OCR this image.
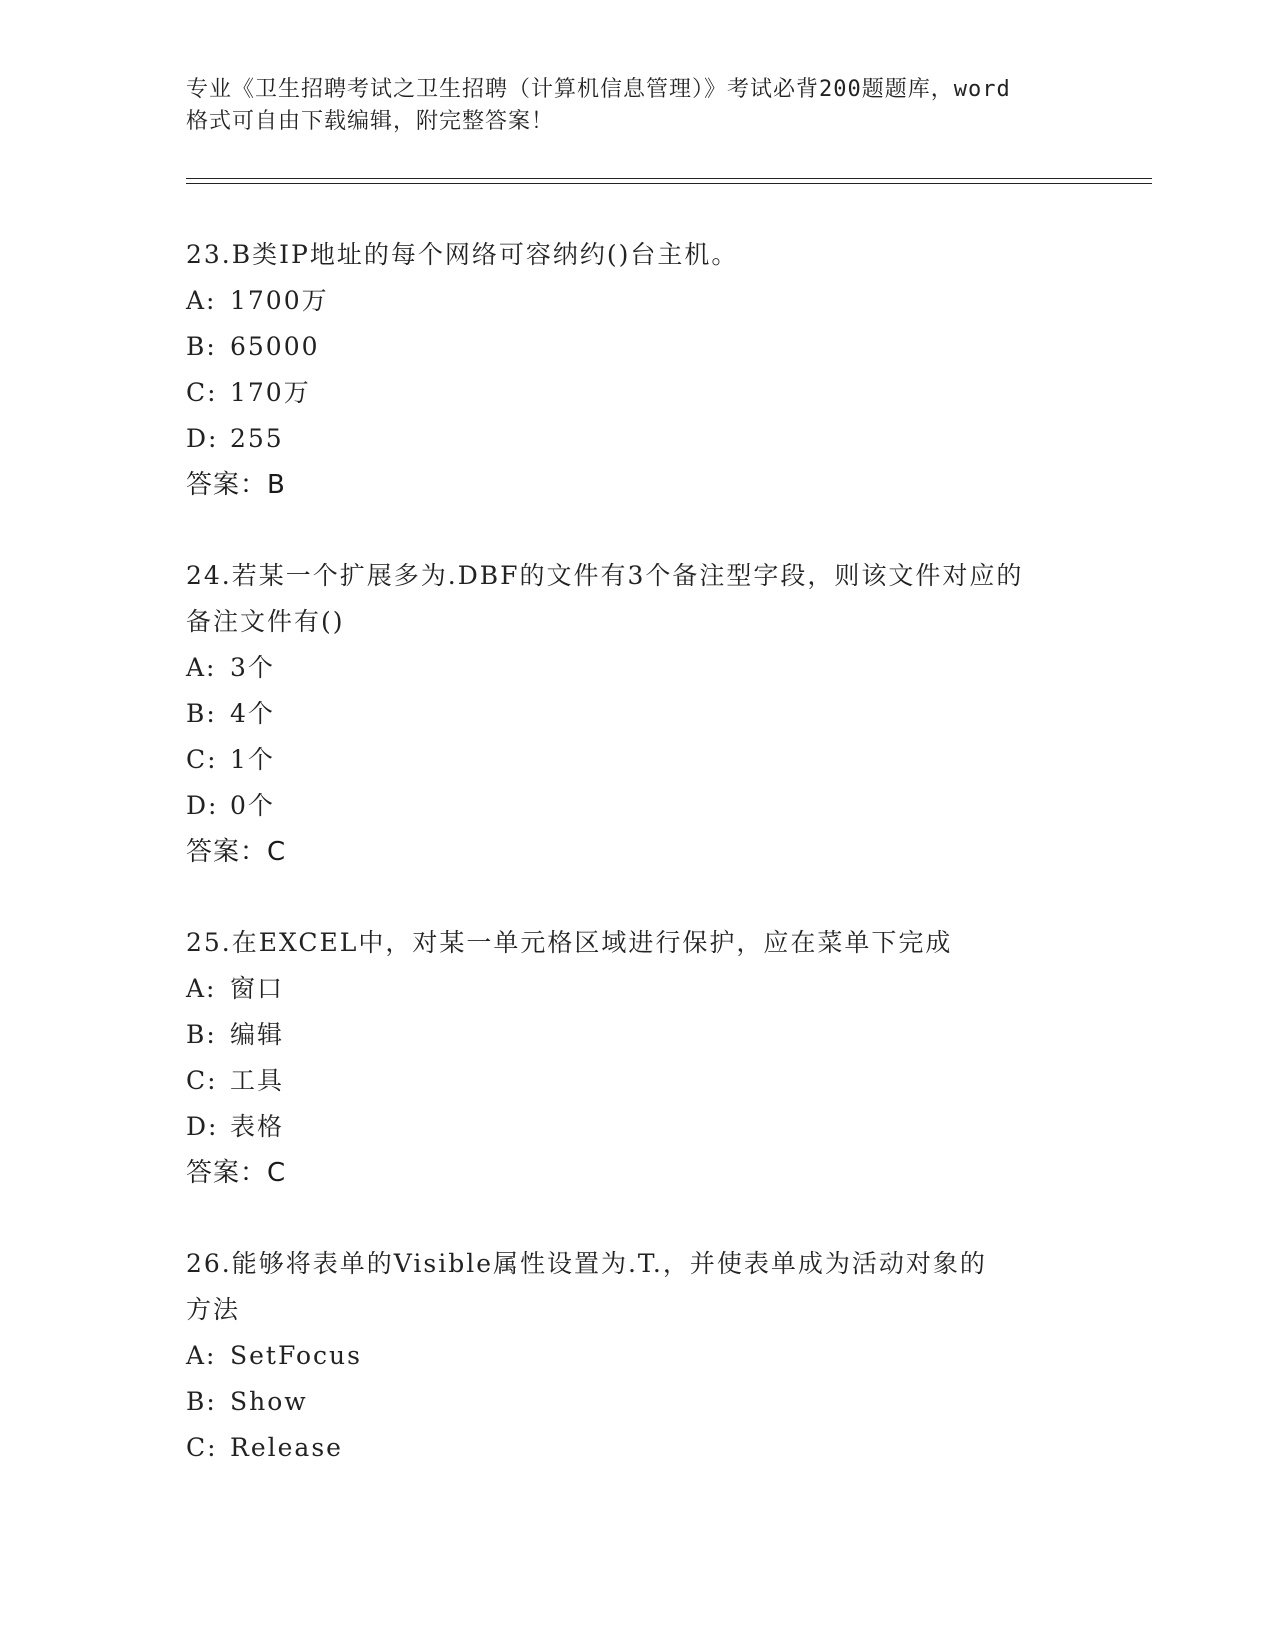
专业《卫生招聘考试之卫生招聘（计算机信息管理）》考试必背200题题库，word
格式可自由下载编辑，附完整答案！
23.B类IP地址的每个网络可容纳约()台主机。
A: 1700万
B: 65000
C: 170万
D: 255
答案：B
24.若某一个扩展多为.DBF的文件有3个备注型字段，则该文件对应的
备注文件有()
A: 3个
B: 4个
C: 1个
D: 0个
答案：C
25.在EXCEL中，对某一单元格区域进行保护，应在菜单下完成
A: 窗口
B: 编辑
C: 工具
D: 表格
答案：C
26.能够将表单的Visible属性设置为.T.，并使表单成为活动对象的
方法
A: SetFocus
B: Show
C: Release
